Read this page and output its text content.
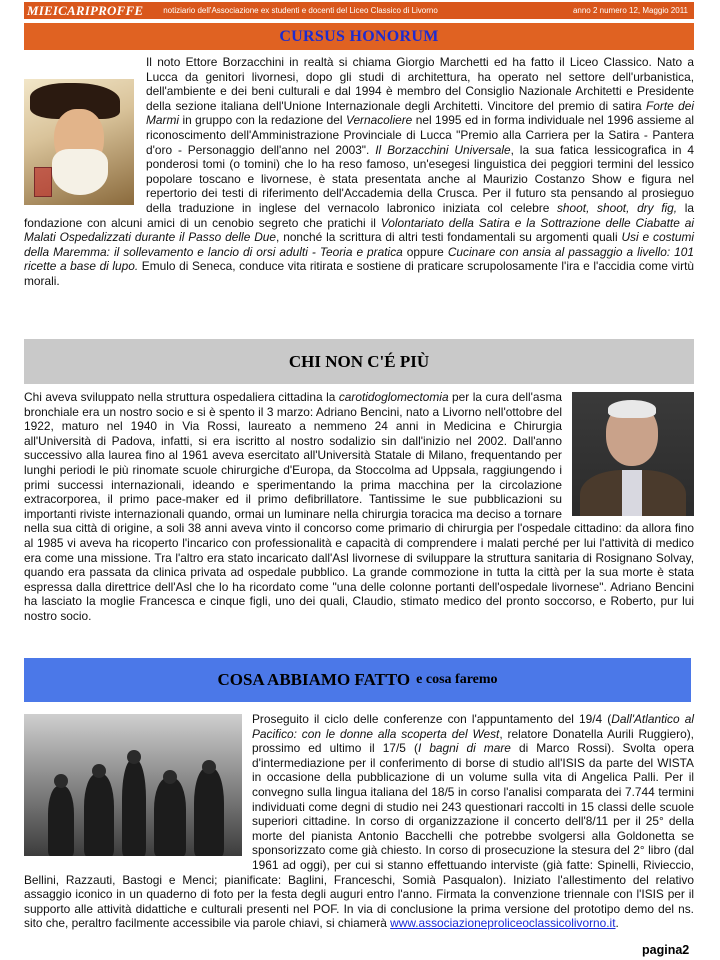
MIEICARIPROFFE	notiziario dell'Associazione ex studenti e docenti del Liceo Classico di Livorno	anno 2 numero 12, Maggio 2011
CURSUS HONORUM
Il noto Ettore Borzacchini in realtà si chiama Giorgio Marchetti ed ha fatto il Liceo Classico. Nato a Lucca da genitori livornesi, dopo gli studi di architettura, ha operato nel settore dell'urbanistica, dell'ambiente e dei beni culturali e dal 1994 è membro del Consiglio Nazionale Architetti e Presidente della sezione italiana dell'Unione Internazionale degli Architetti. Vincitore del premio di satira Forte dei Marmi in gruppo con la redazione del Vernacoliere nel 1995 ed in forma individuale nel 1996 assieme al riconoscimento dell'Amministrazione Provinciale di Lucca "Premio alla Carriera per la Satira - Pantera d'oro - Personaggio dell'anno nel 2003". Il Borzacchini Universale, la sua fatica lessicografica in 4 ponderosi tomi (o tomini) che lo ha reso famoso, un'esegesi linguistica dei peggiori termini del lessico popolare toscano e livornese, è stata presentata anche al Maurizio Costanzo Show e figura nel repertorio dei testi di riferimento dell'Accademia della Crusca. Per il futuro sta pensando al prosieguo della traduzione in inglese del vernacolo labronico iniziata col celebre shoot, shoot, dry fig, la fondazione con alcuni amici di un cenobio segreto che pratichi il Volontariato della Satira e la Sottrazione delle Ciabatte ai Malati Ospedalizzati durante il Passo delle Due, nonché la scrittura di altri testi fondamentali su argomenti quali Usi e costumi della Maremma: il sollevamento e lancio di orsi adulti - Teoria e pratica oppure Cucinare con ansia al passaggio a livello: 101 ricette a base di lupo. Emulo di Seneca, conduce vita ritirata e sostiene di praticare scrupolosamente l'ira e l'accidia come virtù morali.
CHI NON C'É PIÙ
Chi aveva sviluppato nella struttura ospedaliera cittadina la carotidoglomectomia per la cura dell'asma bronchiale era un nostro socio e si è spento il 3 marzo: Adriano Bencini, nato a Livorno nell'ottobre del 1922, maturo nel 1940 in Via Rossi, laureato a nemmeno 24 anni in Medicina e Chirurgia all'Università di Padova, infatti, si era iscritto al nostro sodalizio sin dall'inizio nel 2002. Dall'anno successivo alla laurea fino al 1961 aveva esercitato all'Università Statale di Milano, frequentando per lunghi periodi le più rinomate scuole chirurgiche d'Europa, da Stoccolma ad Uppsala, raggiungendo i primi successi internazionali, ideando e sperimentando la prima macchina per la circolazione extracorporea, il primo pace-maker ed il primo defibrillatore. Tantissime le sue pubblicazioni su importanti riviste internazionali quando, ormai un luminare nella chirurgia toracica ma deciso a tornare nella sua città di origine, a soli 38 anni aveva vinto il concorso come primario di chirurgia per l'ospedale cittadino: da allora fino al 1985 vi aveva ha ricoperto l'incarico con professionalità e capacità di comprendere i malati perché per lui l'attività di medico era come una missione. Tra l'altro era stato incaricato dall'Asl livornese di sviluppare la struttura sanitaria di Rosignano Solvay, quando era passata da clinica privata ad ospedale pubblico. La grande commozione in tutta la città per la sua morte è stata espressa dalla direttrice dell'Asl che lo ha ricordato come "una delle colonne portanti dell'ospedale livornese". Adriano Bencini ha lasciato la moglie Francesca e cinque figli, uno dei quali, Claudio, stimato medico del pronto soccorso, e Roberto, pur lui nostro socio.
COSA ABBIAMO FATTO e cosa faremo
Proseguito il ciclo delle conferenze con l'appuntamento del 19/4 (Dall'Atlantico al Pacifico: con le donne alla scoperta del West, relatore Donatella Aurili Ruggiero), prossimo ed ultimo il 17/5 (I bagni di mare di Marco Rossi). Svolta opera d'intermediazione per il conferimento di borse di studio all'ISIS da parte del WISTA in occasione della pubblicazione di un volume sulla vita di Angelica Palli. Per il convegno sulla lingua italiana del 18/5 in corso l'analisi comparata dei 7.744 termini individuati come degni di studio nei 243 questionari raccolti in 15 classi delle scuole superiori cittadine. In corso di organizzazione il concerto dell'8/11 per il 25° della morte del pianista Antonio Bacchelli che potrebbe svolgersi alla Goldonetta se sponsorizzato come già chiesto. In corso di prosecuzione la stesura del 2° libro (dal 1961 ad oggi), per cui si stanno effettuando interviste (già fatte: Spinelli, Rivieccio, Bellini, Razzauti, Bastogi e Menci; pianificate: Baglini, Franceschi, Somià Pasqualon). Iniziato l'allestimento del relativo assaggio iconico in un quaderno di foto per la festa degli auguri entro l'anno. Firmata la convenzione triennale con l'ISIS per il supporto alle attività didattiche e culturali presenti nel POF. In via di conclusione la prima versione del prototipo demo del ns. sito che, peraltro facilmente accessibile via parole chiavi, si chiamerà www.associazioneproliceoclassicolivorno.it.
pagina2
